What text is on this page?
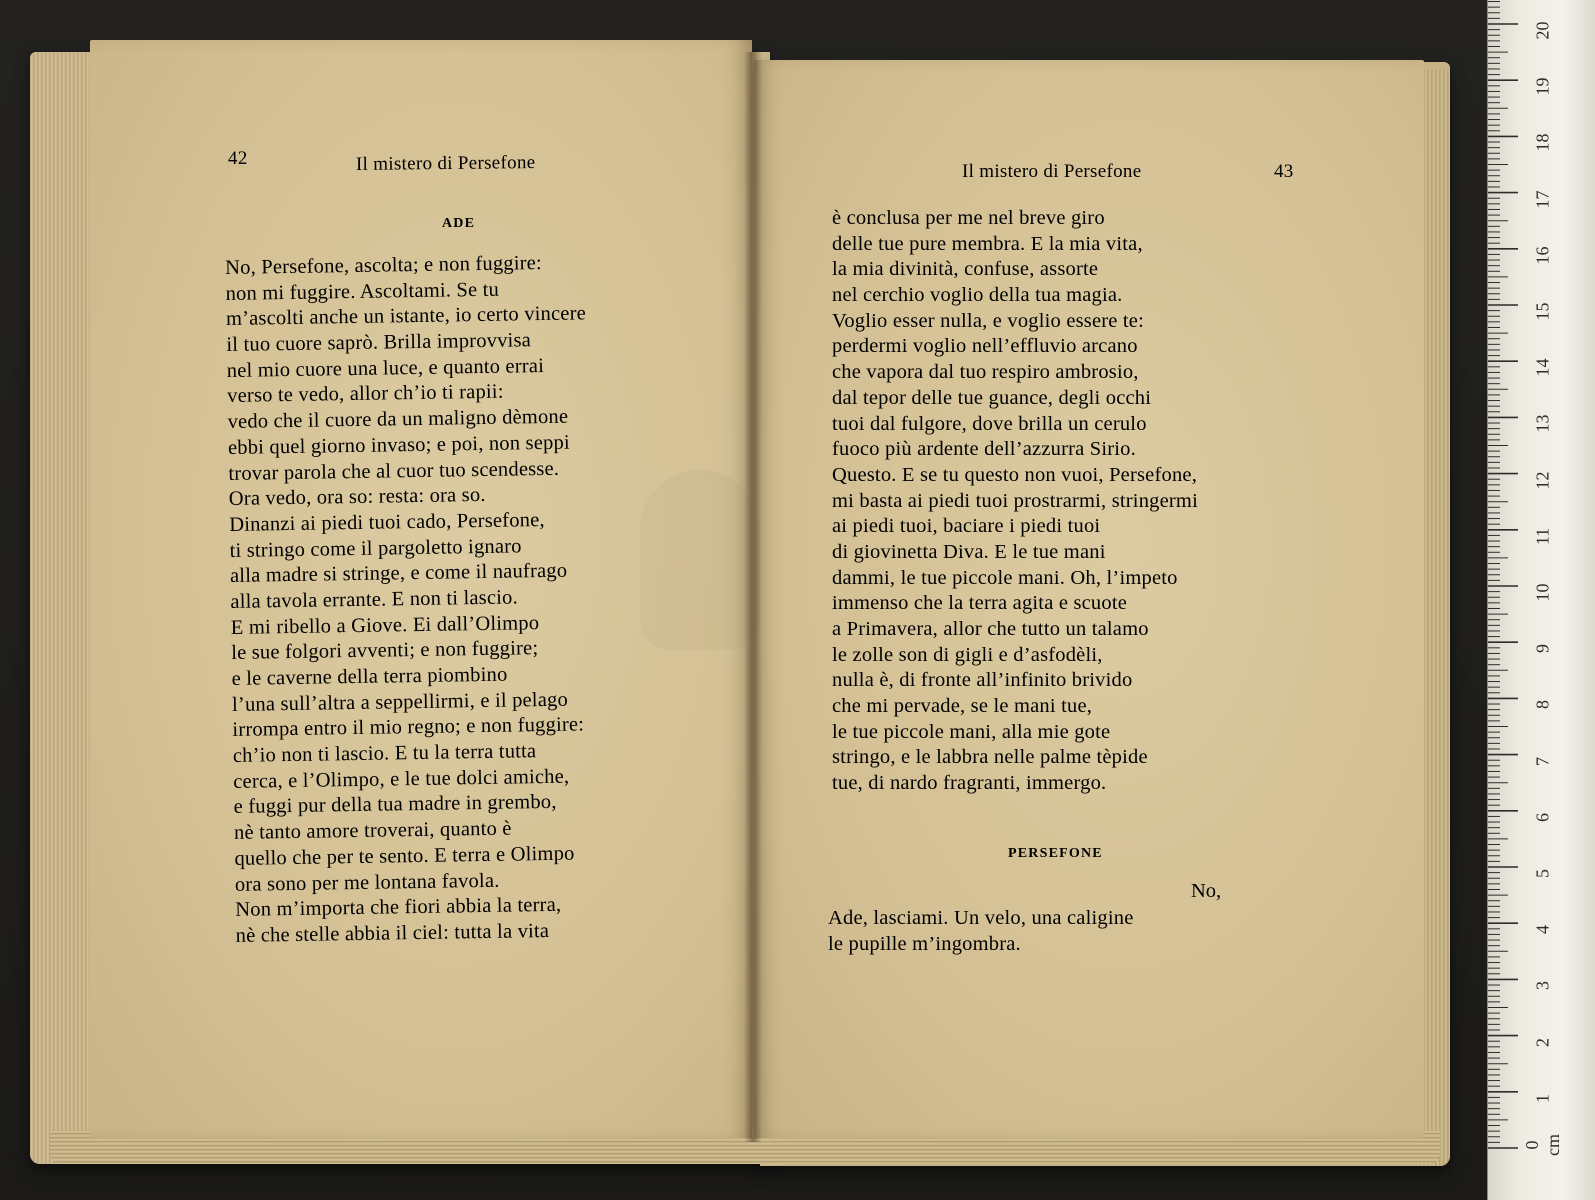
42	Il mistero di Persefone
ADE
No, Persefone, ascolta; e non fuggire:
non mi fuggire. Ascoltami. Se tu
m’ascolti anche un istante, io certo vincere
il tuo cuore saprò. Brilla improvvisa
nel mio cuore una luce, e quanto errai
verso te vedo, allor ch’io ti rapii:
vedo che il cuore da un maligno dèmone
ebbi quel giorno invaso; e poi, non seppi
trovar parola che al cuor tuo scendesse.
Ora vedo, ora so: resta: ora so.
Dinanzi ai piedi tuoi cado, Persefone,
ti stringo come il pargoletto ignaro
alla madre si stringe, e come il naufrago
alla tavola errante. E non ti lascio.
E mi ribello a Giove. Ei dall’Olimpo
le sue folgori avventi; e non fuggire;
e le caverne della terra piombino
l’una sull’altra a seppellirmi, e il pelago
irrompa entro il mio regno; e non fuggire:
ch’io non ti lascio. E tu la terra tutta
cerca, e l’Olimpo, e le tue dolci amiche,
e fuggi pur della tua madre in grembo,
nè tanto amore troverai, quanto è
quello che per te sento. E terra e Olimpo
ora sono per me lontana favola.
Non m’importa che fiori abbia la terra,
nè che stelle abbia il ciel: tutta la vita
Il mistero di Persefone	43
è conclusa per me nel breve giro
delle tue pure membra. E la mia vita,
la mia divinità, confuse, assorte
nel cerchio voglio della tua magia.
Voglio esser nulla, e voglio essere te:
perdermi voglio nell’effluvio arcano
che vapora dal tuo respiro ambrosio,
dal tepor delle tue guance, degli occhi
tuoi dal fulgore, dove brilla un cerulo
fuoco più ardente dell’azzurra Sirio.
Questo. E se tu questo non vuoi, Persefone,
mi basta ai piedi tuoi prostrarmi, stringermi
ai piedi tuoi, baciare i piedi tuoi
di giovinetta Diva. E le tue mani
dammi, le tue piccole mani. Oh, l’impeto
immenso che la terra agita e scuote
a Primavera, allor che tutto un talamo
le zolle son di gigli e d’asfodèli,
nulla è, di fronte all’infinito brivido
che mi pervade, se le mani tue,
le tue piccole mani, alla mie gote
stringo, e le labbra nelle palme tèpide
tue, di nardo fragranti, immergo.
PERSEFONE
No,
Ade, lasciami. Un velo, una caligine
le pupille m’ingombra.
0 cm
1
2
3
4
5
6
7
8
9
10
11
12
13
14
15
16
17
18
19
20
